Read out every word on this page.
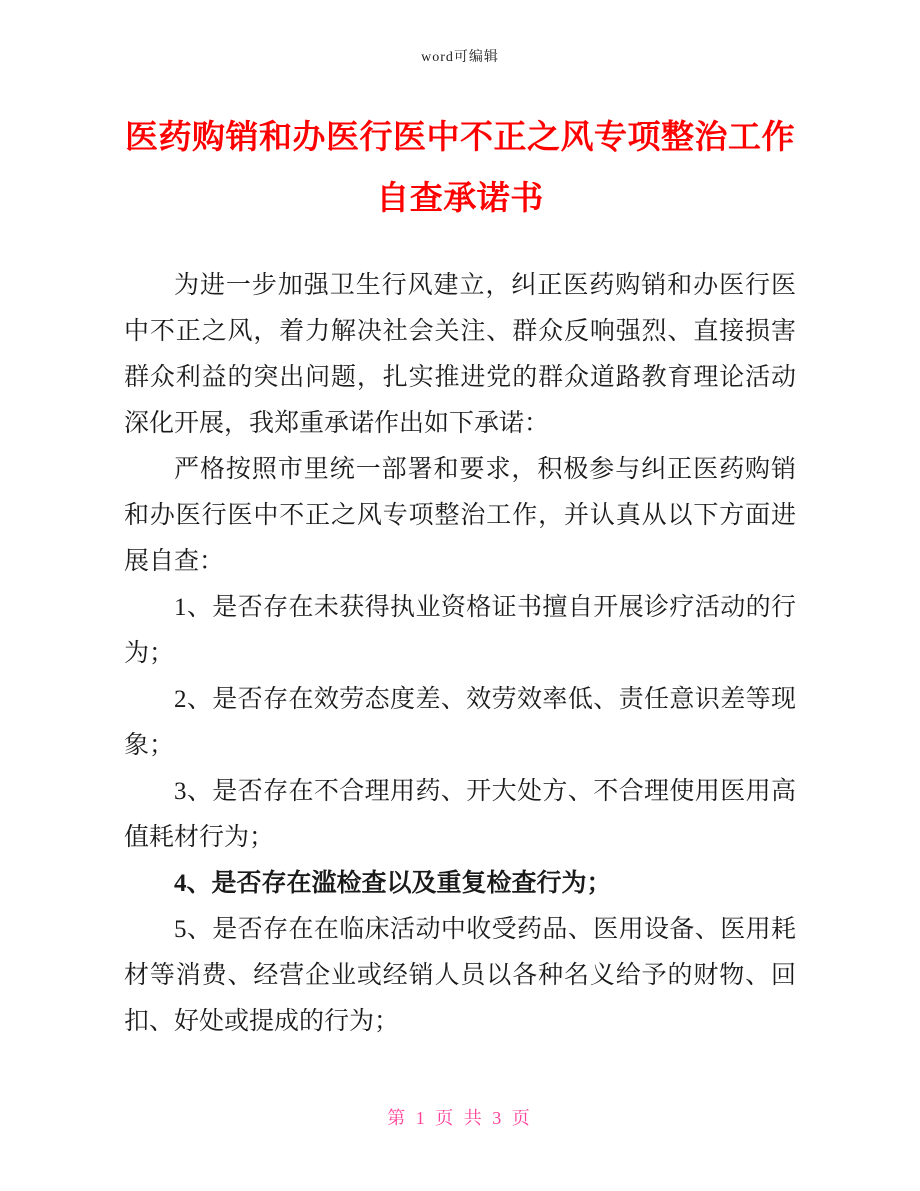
word可编辑
医药购销和办医行医中不正之风专项整治工作自查承诺书

为进一步加强卫生行风建立，纠正医药购销和办医行医中不正之风，着力解决社会关注、群众反响强烈、直接损害群众利益的突出问题，扎实推进党的群众道路教育理论活动深化开展，我郑重承诺作出如下承诺：

严格按照市里统一部署和要求，积极参与纠正医药购销和办医行医中不正之风专项整治工作，并认真从以下方面进展自查：

1、是否存在未获得执业资格证书擅自开展诊疗活动的行为；

2、是否存在效劳态度差、效劳效率低、责任意识差等现象；

3、是否存在不合理用药、开大处方、不合理使用医用高值耗材行为；

4、是否存在滥检查以及重复检查行为；

5、是否存在在临床活动中收受药品、医用设备、医用耗材等消费、经营企业或经销人员以各种名义给予的财物、回扣、好处或提成的行为；

第 1 页 共 3 页
